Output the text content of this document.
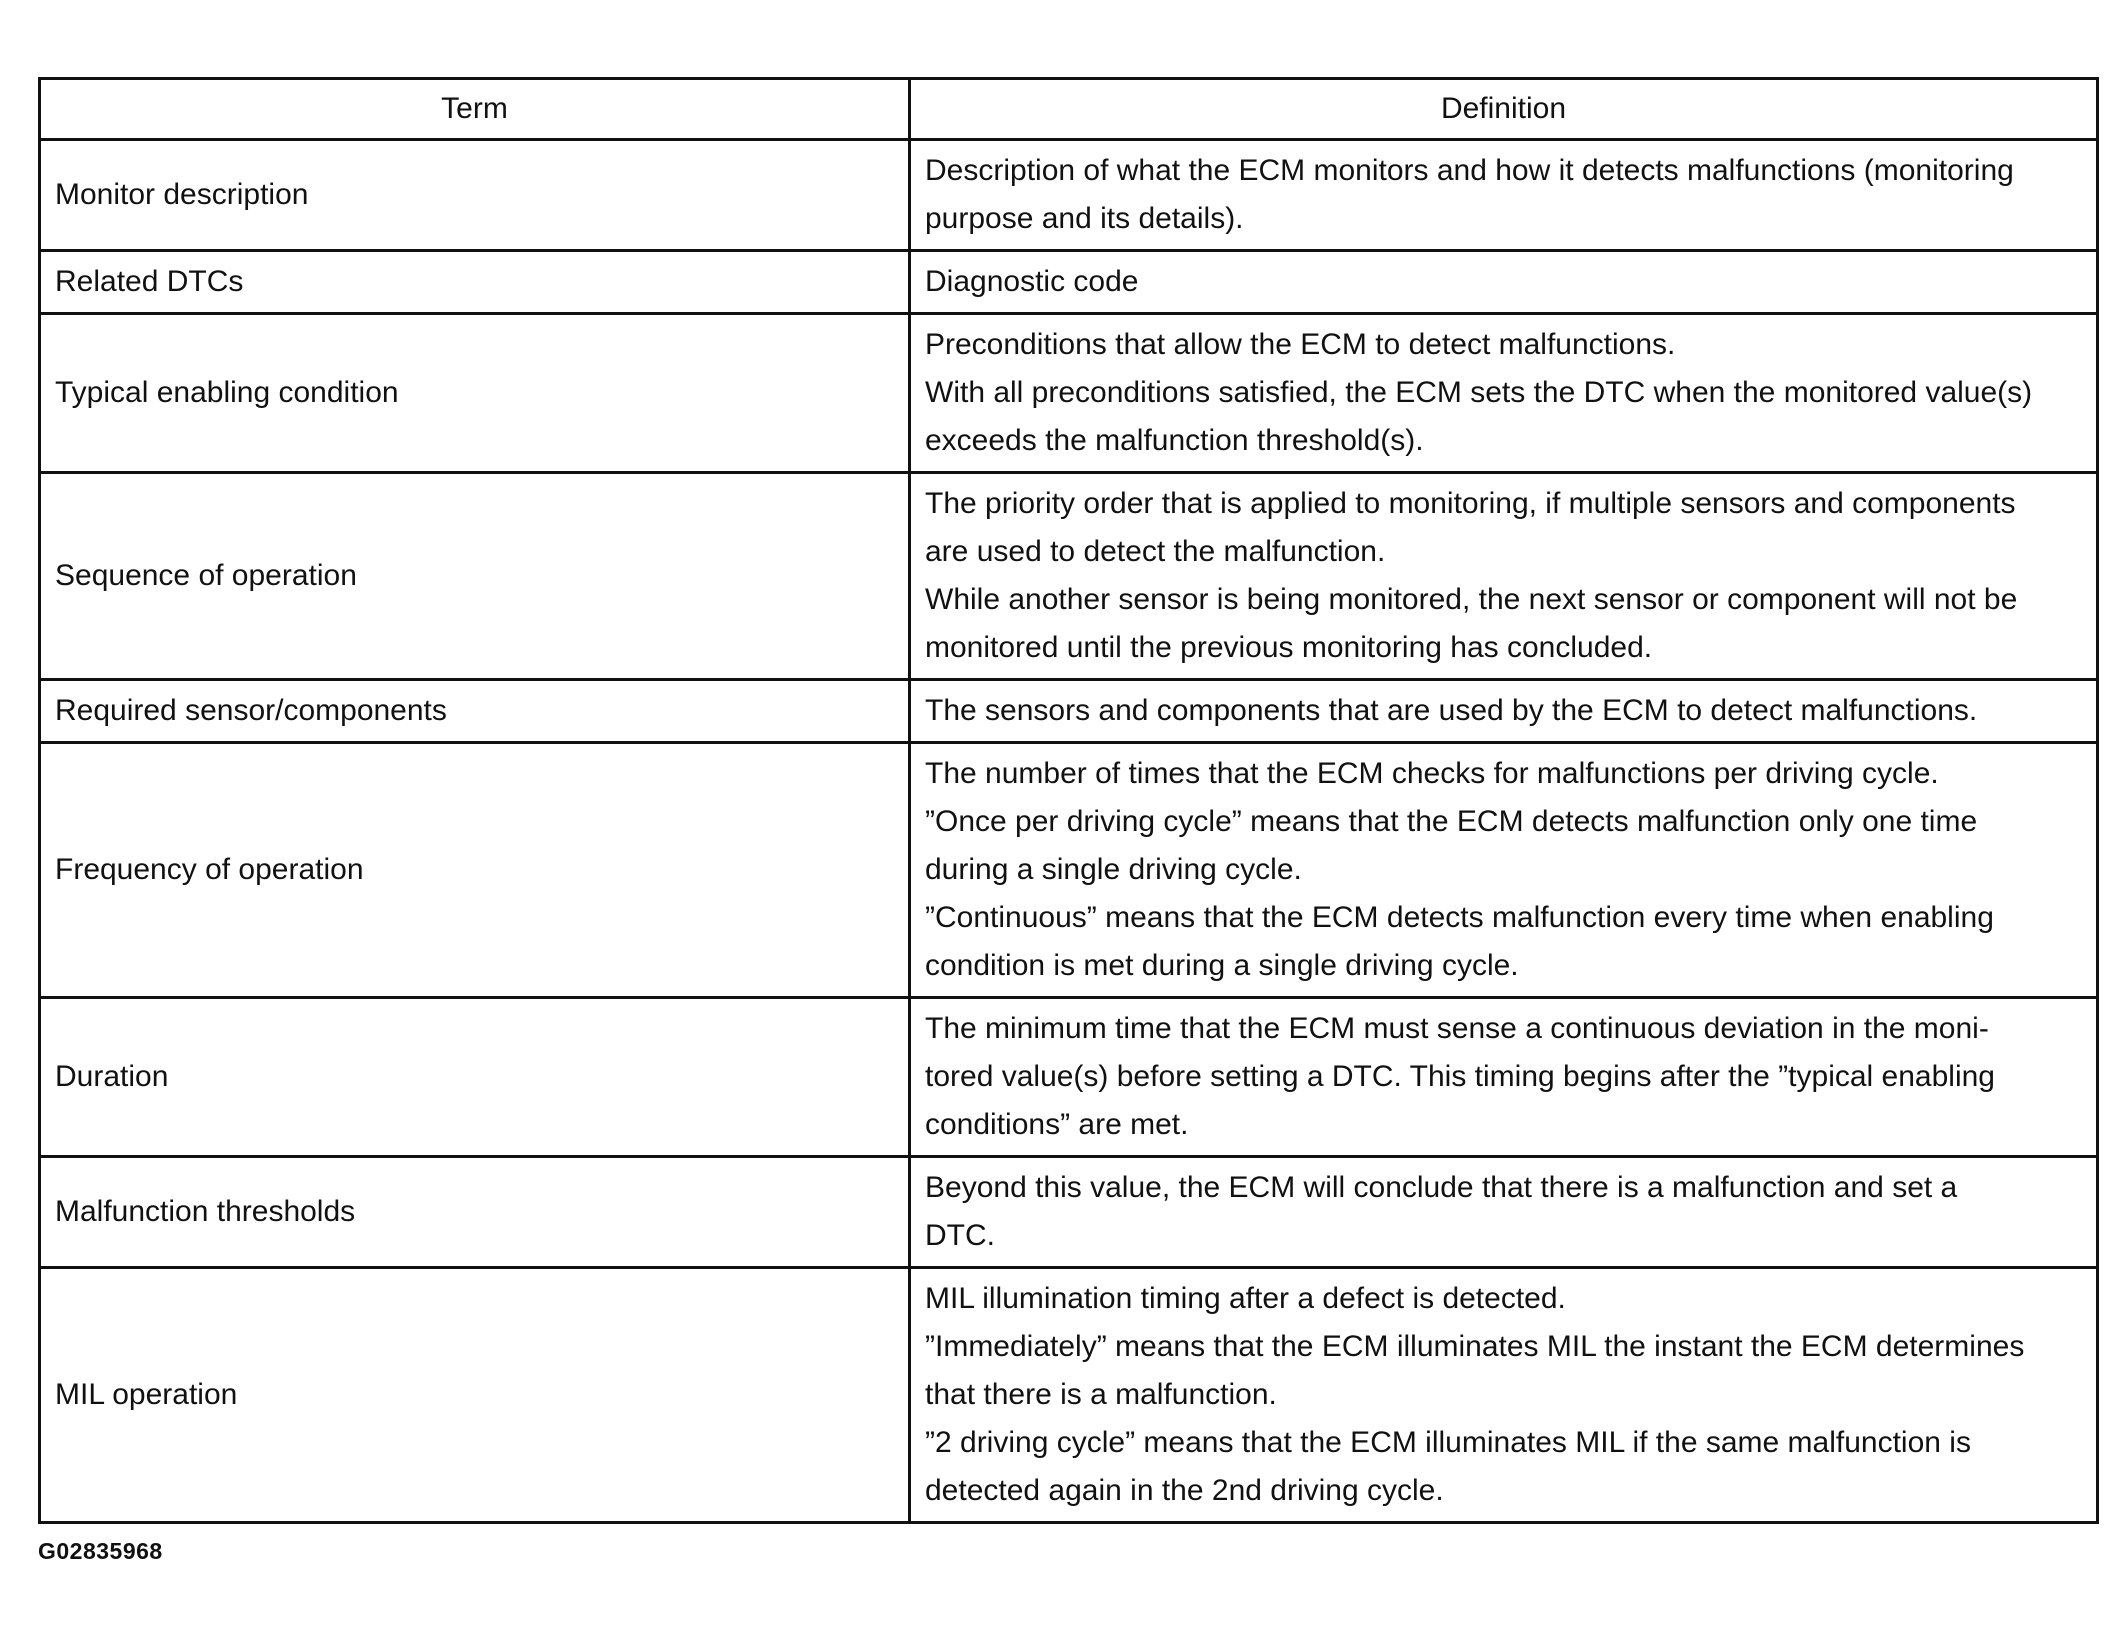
Term	Definition
Monitor description	Description of what the ECM monitors and how it detects malfunctions (monitoring
purpose and its details).

Related DTCs	Diagnostic code

Typical enabling condition	Preconditions that allow the ECM to detect malfunctions.
With all preconditions satisfied, the ECM sets the DTC when the monitored value(s)
exceeds the malfunction threshold(s).

Sequence of operation	The priority order that is applied to monitoring, if multiple sensors and components
are used to detect the malfunction.
While another sensor is being monitored, the next sensor or component will not be
monitored until the previous monitoring has concluded.

Required sensor/components	The sensors and components that are used by the ECM to detect malfunctions.

Frequency of operation	The number of times that the ECM checks for malfunctions per driving cycle.
”Once per driving cycle” means that the ECM detects malfunction only one time
during a single driving cycle.
”Continuous” means that the ECM detects malfunction every time when enabling
condition is met during a single driving cycle.

Duration	The minimum time that the ECM must sense a continuous deviation in the moni-
tored value(s) before setting a DTC. This timing begins after the ”typical enabling
conditions” are met.

Malfunction thresholds	Beyond this value, the ECM will conclude that there is a malfunction and set a
DTC.

MIL operation	MIL illumination timing after a defect is detected.
”Immediately” means that the ECM illuminates MIL the instant the ECM determines
that there is a malfunction.
”2 driving cycle” means that the ECM illuminates MIL if the same malfunction is
detected again in the 2nd driving cycle.
G02835968
